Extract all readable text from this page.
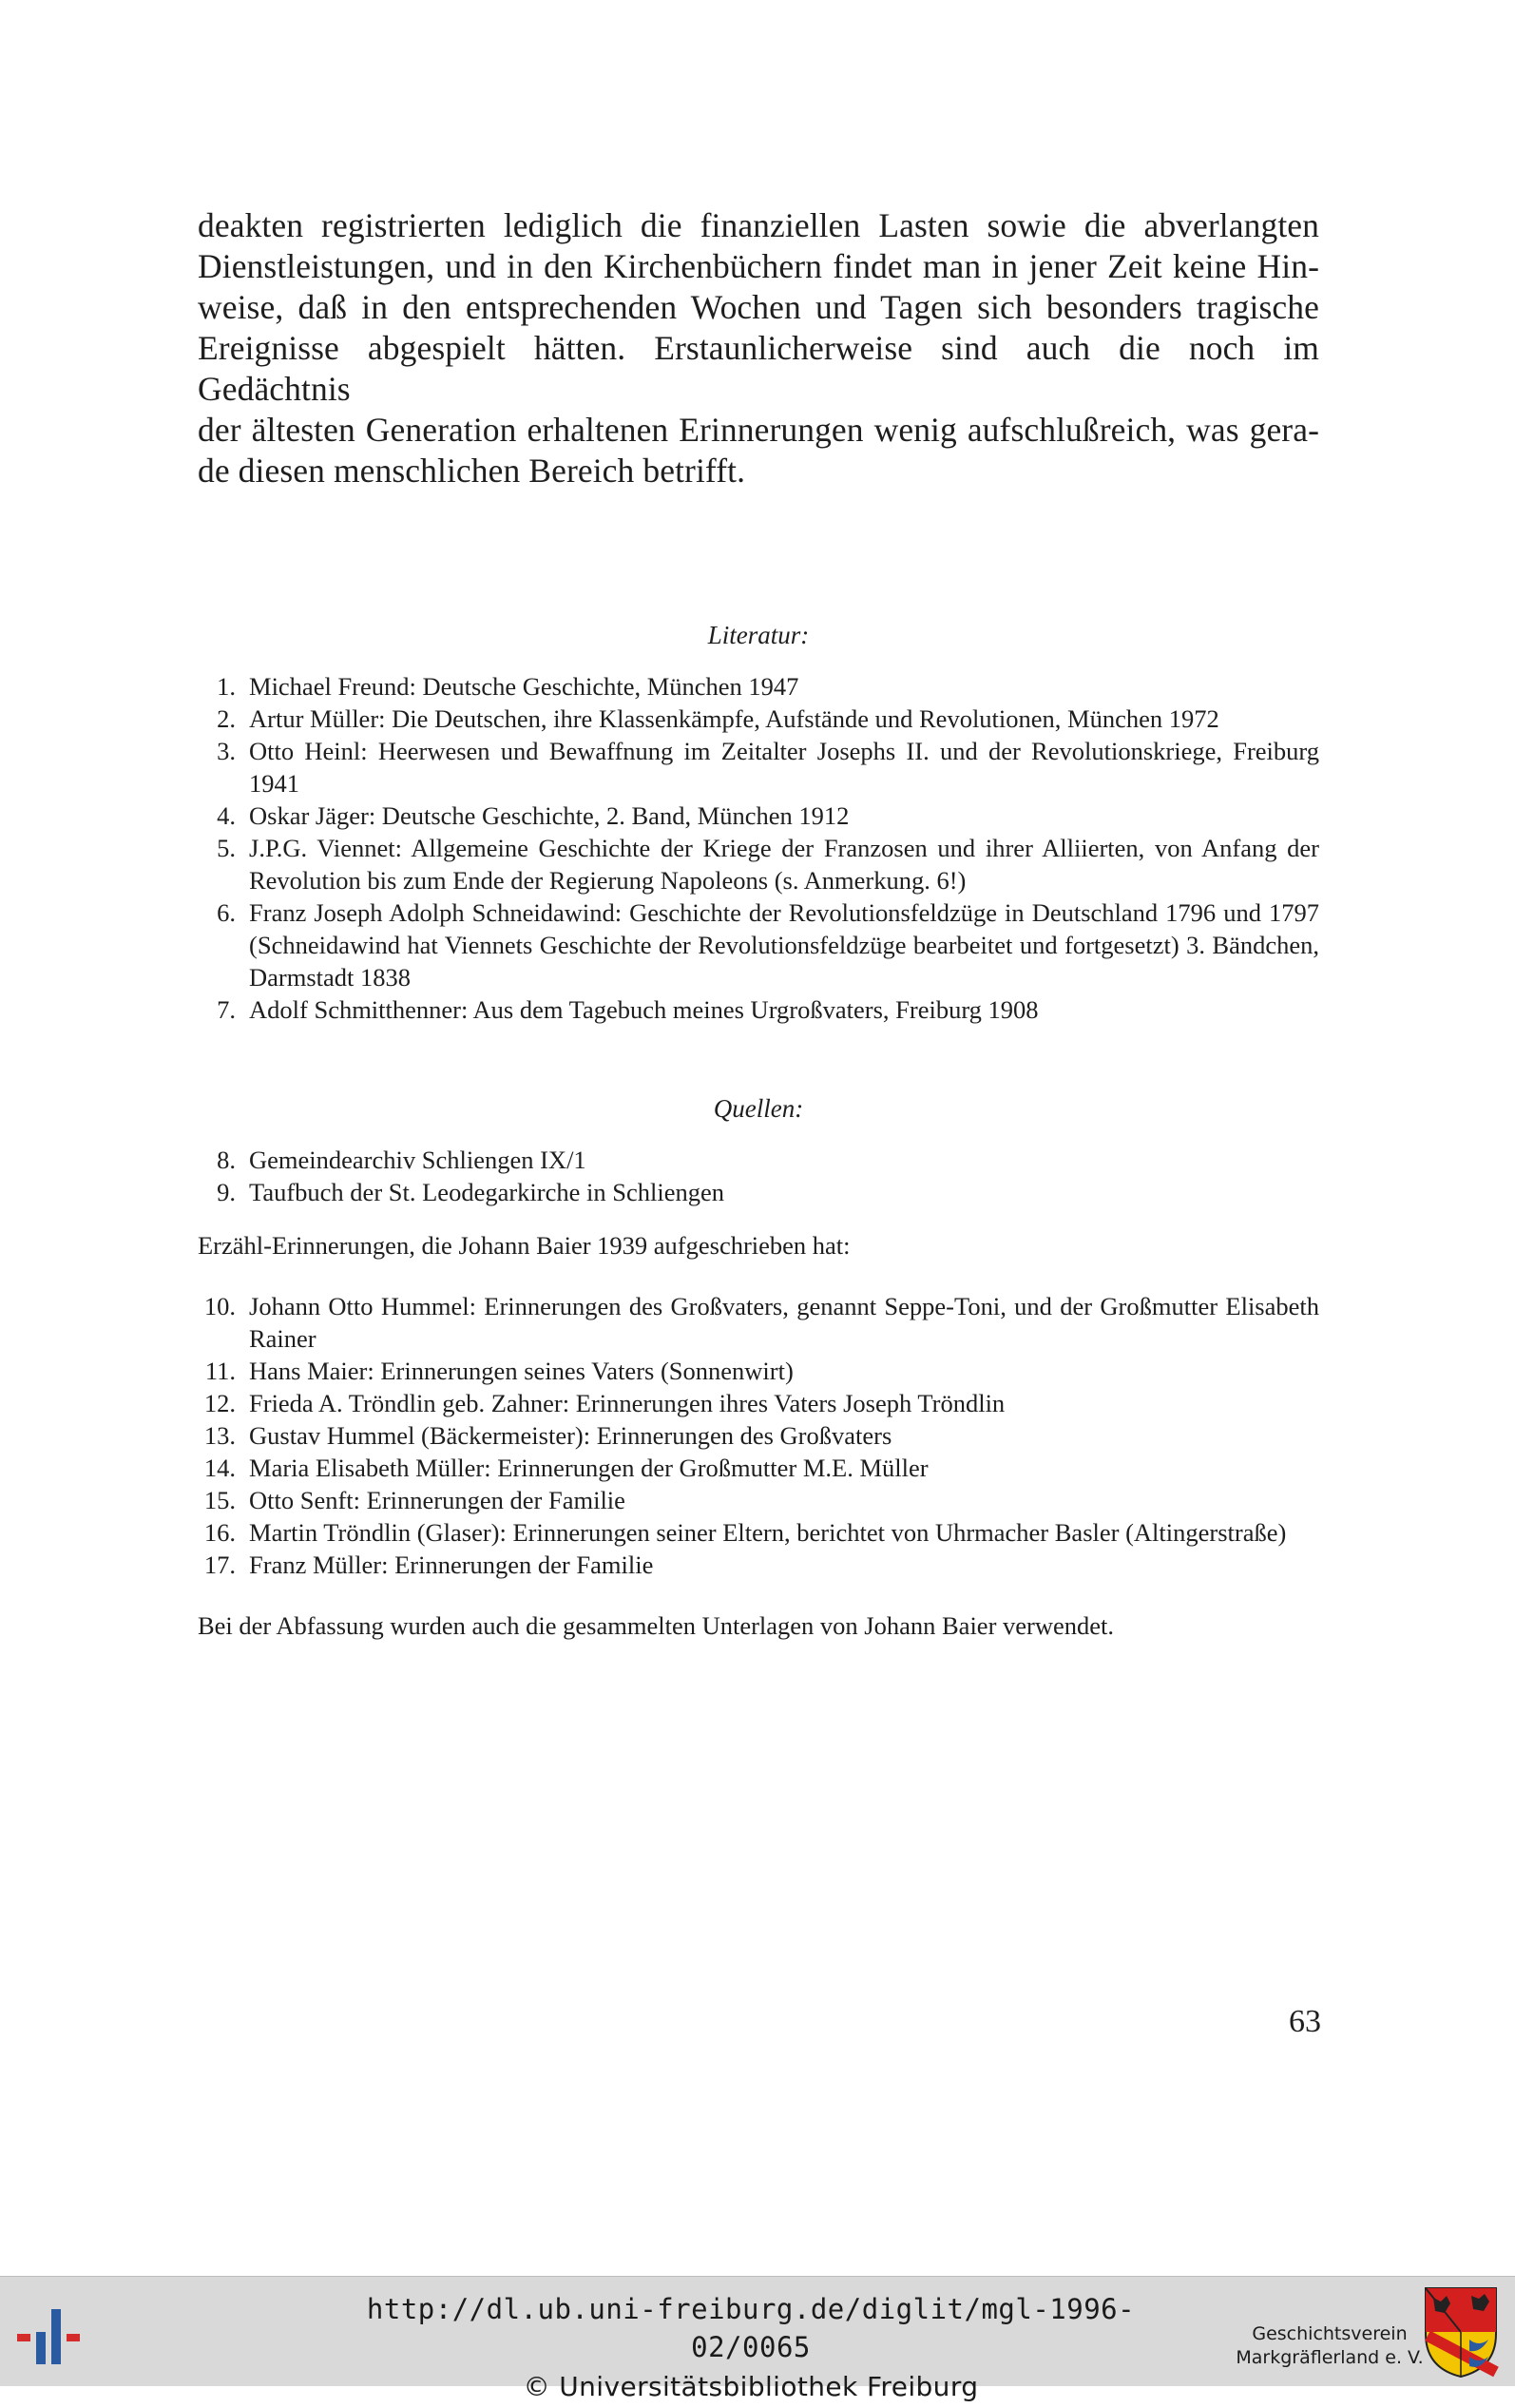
deakten registrierten lediglich die finanziellen Lasten sowie die abverlangten
Dienstleistungen, und in den Kirchenbüchern findet man in jener Zeit keine Hin-
weise, daß in den entsprechenden Wochen und Tagen sich besonders tragische
Ereignisse abgespielt hätten. Erstaunlicherweise sind auch die noch im Gedächtnis
der ältesten Generation erhaltenen Erinnerungen wenig aufschlußreich, was gera-
de diesen menschlichen Bereich betrifft.

Literatur:

1. Michael Freund: Deutsche Geschichte, München 1947
2. Artur Müller: Die Deutschen, ihre Klassenkämpfe, Aufstände und Revolutionen, München 1972
3. Otto Heinl: Heerwesen und Bewaffnung im Zeitalter Josephs II. und der Revolutionskriege, Freiburg 1941
4. Oskar Jäger: Deutsche Geschichte, 2. Band, München 1912
5. J.P.G. Viennet: Allgemeine Geschichte der Kriege der Franzosen und ihrer Alliierten, von Anfang der Revolution bis zum Ende der Regierung Napoleons (s. Anmerkung. 6!)
6. Franz Joseph Adolph Schneidawind: Geschichte der Revolutionsfeldzüge in Deutschland 1796 und 1797 (Schneidawind hat Viennets Geschichte der Revolutionsfeldzüge bearbeitet und fortgesetzt) 3. Bändchen, Darmstadt 1838
7. Adolf Schmitthenner: Aus dem Tagebuch meines Urgroßvaters, Freiburg 1908

Quellen:

8. Gemeindearchiv Schliengen IX/1
9. Taufbuch der St. Leodegarkirche in Schliengen

Erzähl-Erinnerungen, die Johann Baier 1939 aufgeschrieben hat:

10. Johann Otto Hummel: Erinnerungen des Großvaters, genannt Seppe-Toni, und der Großmutter Elisabeth Rainer
11. Hans Maier: Erinnerungen seines Vaters (Sonnenwirt)
12. Frieda A. Tröndlin geb. Zahner: Erinnerungen ihres Vaters Joseph Tröndlin
13. Gustav Hummel (Bäckermeister): Erinnerungen des Großvaters
14. Maria Elisabeth Müller: Erinnerungen der Großmutter M.E. Müller
15. Otto Senft: Erinnerungen der Familie
16. Martin Tröndlin (Glaser): Erinnerungen seiner Eltern, berichtet von Uhrmacher Basler (Altingerstraße)
17. Franz Müller: Erinnerungen der Familie

Bei der Abfassung wurden auch die gesammelten Unterlagen von Johann Baier verwendet.

63
http://dl.ub.uni-freiburg.de/diglit/mgl-1996-02/0065
© Universitätsbibliothek Freiburg
Geschichtsverein
Markgräflerland e. V.
